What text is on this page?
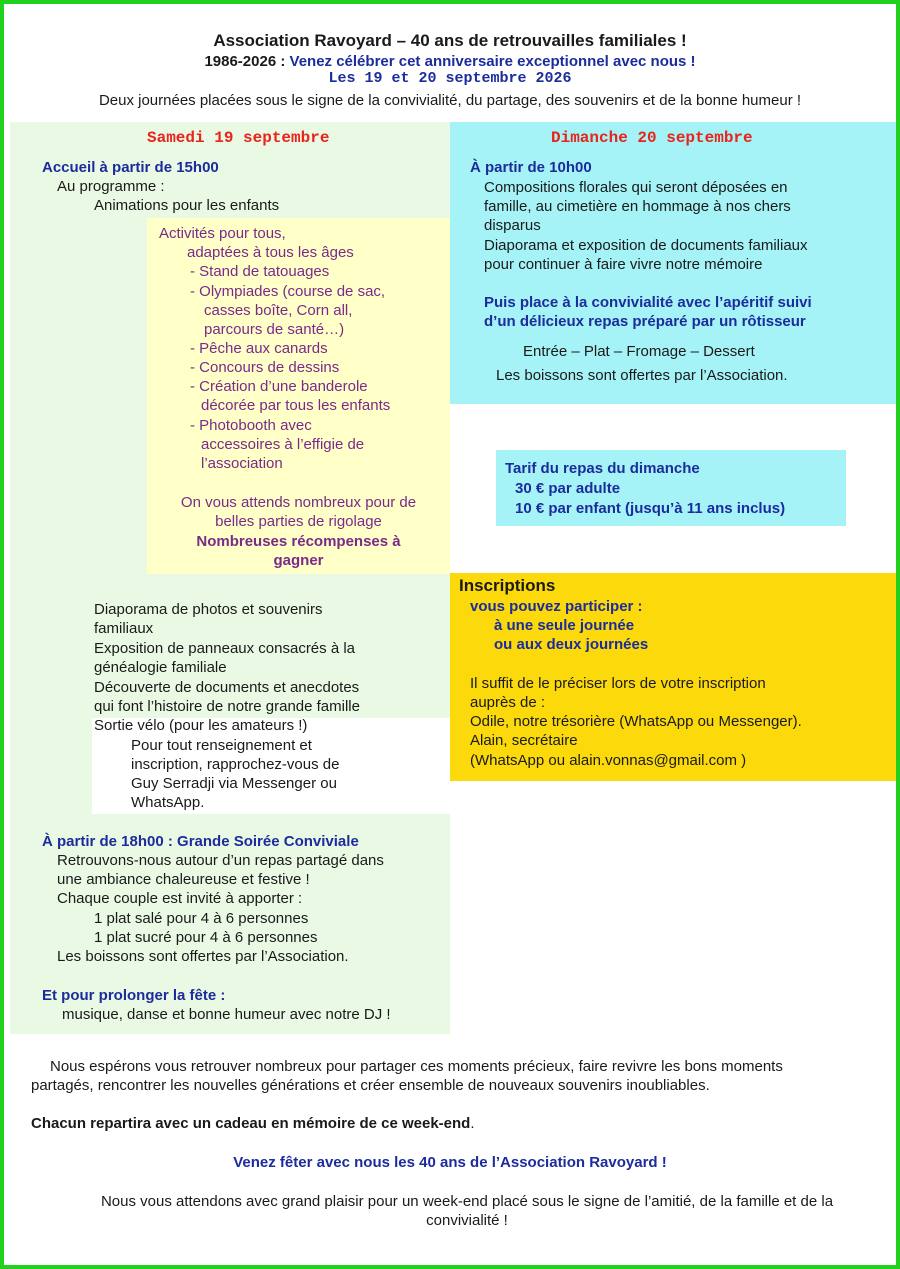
Association Ravoyard – 40 ans de retrouvailles familiales !
1986-2026 : Venez célébrer cet anniversaire exceptionnel avec nous !
Les 19 et 20 septembre 2026
Deux journées placées sous le signe de la convivialité, du partage, des souvenirs et de la bonne humeur !
Samedi 19 septembre
Accueil à partir de 15h00
Au programme :
Animations pour les enfants
Activités pour tous,
adaptées à tous les âges
- Stand de tatouages
- Olympiades (course de sac,
casses boîte, Corn all,
parcours de santé…)
- Pêche aux canards
- Concours de dessins
- Création d’une banderole
décorée par tous les enfants
- Photobooth avec
accessoires à l’effigie de
l’association
On vous attends nombreux pour de
belles parties de rigolage
Nombreuses récompenses à
gagner
Diaporama de photos et souvenirs
familiaux
Exposition de panneaux consacrés à la
généalogie familiale
Découverte de documents et anecdotes
qui font l’histoire de notre grande famille
Sortie vélo (pour les amateurs !)
Pour tout renseignement et
inscription, rapprochez-vous de
Guy Serradji via Messenger ou
WhatsApp.
À partir de 18h00 : Grande Soirée Conviviale
Retrouvons-nous autour d’un repas partagé dans
une ambiance chaleureuse et festive !
Chaque couple est invité à apporter :
1 plat salé pour 4 à 6 personnes
1 plat sucré pour 4 à 6 personnes
Les boissons sont offertes par l’Association.
Et pour prolonger la fête :
musique, danse et bonne humeur avec notre DJ !
Dimanche 20 septembre
À partir de 10h00
Compositions florales qui seront déposées en
famille, au cimetière en hommage à nos chers
disparus
Diaporama et exposition de documents familiaux
pour continuer à faire vivre notre mémoire
Puis place à la convivialité avec l’apéritif suivi
d’un délicieux repas préparé par un rôtisseur
Entrée – Plat – Fromage – Dessert
Les boissons sont offertes par l’Association.
Tarif du repas du dimanche
30 € par adulte
10 € par enfant (jusqu’à 11 ans inclus)
Inscriptions
vous pouvez participer :
à une seule journée
ou aux deux journées
Il suffit de le préciser lors de votre inscription
auprès de :
Odile, notre trésorière (WhatsApp ou Messenger).
Alain, secrétaire
(WhatsApp ou alain.vonnas@gmail.com )
Nous espérons vous retrouver nombreux pour partager ces moments précieux, faire revivre les bons moments
partagés, rencontrer les nouvelles générations et créer ensemble de nouveaux souvenirs inoubliables.
Chacun repartira avec un cadeau en mémoire de ce week-end.
Venez fêter avec nous les 40 ans de l’Association Ravoyard !
Nous vous attendons avec grand plaisir pour un week-end placé sous le signe de l’amitié, de la famille et de la
convivialité !
